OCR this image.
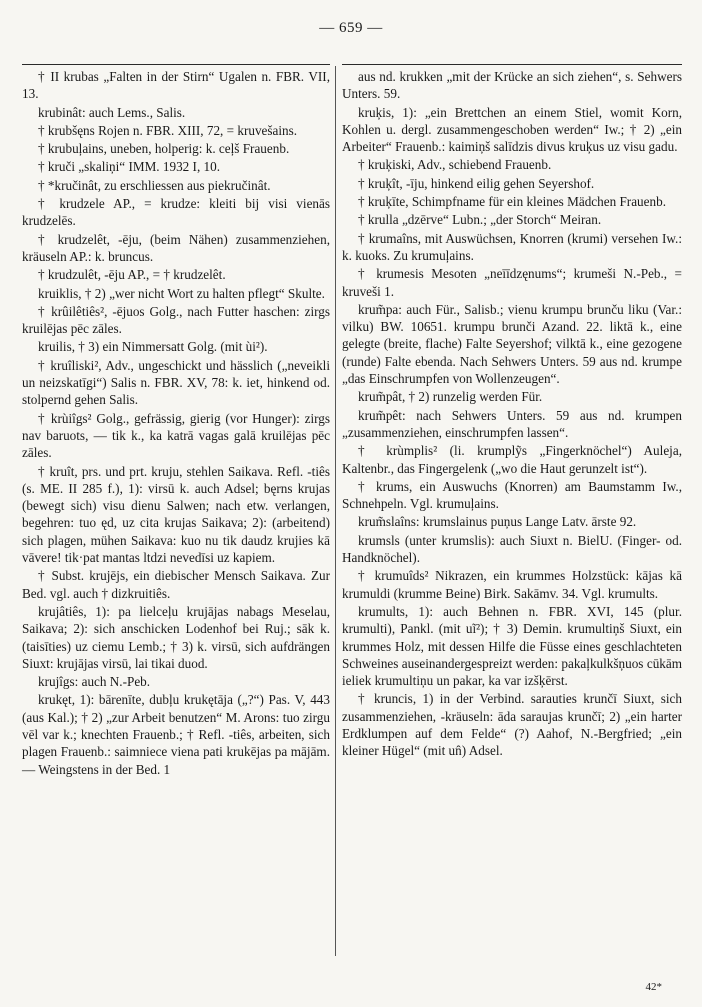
— 659 —

† II krubas „Falten in der Stirn“ Ugalen n. FBR. VII, 13.

krubinât: auch Lems., Salis.

† krubšęns Rojen n. FBR. XIII, 72, = kruvešains.

† krubuļains, uneben, holperig: k. ceļš Frauenb.

† kruči „skaliņi“ IMM. 1932 I, 10.

† *kručinât, zu erschliessen aus piekručinât.

† krudzele AP., = krudze: kleiti bij visi vienās krudzelēs.

† krudzelêt, -ēju, (beim Nähen) zusammenziehen, kräuseln AP.: k. bruncus.

† krudzulêt, -ēju AP., = † krudzelêt.

kruiklis, † 2) „wer nicht Wort zu halten pflegt“ Skulte.

† krûilêtiês², -ējuos Golg., nach Futter haschen: zirgs kruilējas pēc zāles.

kruilis, † 3) ein Nimmersatt Golg. (mit ùi²).

† kruîliski², Adv., ungeschickt und hässlich („neveikli un neizskatīgi“) Salis n. FBR. XV, 78: k. iet, hinkend od. stolpernd gehen Salis.

† krùiîgs² Golg., gefrässig, gierig (vor Hunger): zirgs nav baruots, — tik k., ka katrā vagas galā kruilējas pēc zāles.

† kruît, prs. und prt. kruju, stehlen Saikava. Refl. -tiês (s. ME. II 285 f.), 1): virsū k. auch Adsel; bęrns krujas (bewegt sich) visu dienu Salwen; nach etw. verlangen, begehren: tuo ęd, uz cita krujas Saikava; 2): (arbeitend) sich plagen, mühen Saikava: kuo nu tik daudz krujies kā vāvere! tik·pat mantas ltdzi nevedīsi uz kapiem.

† Subst. krujējs, ein diebischer Mensch Saikava. Zur Bed. vgl. auch † dizkruitiês.

krujâtiês, 1): pa lielceļu krujājas nabags Meselau, Saikava; 2): sich anschicken Lodenhof bei Ruj.; sāk k. (taisīties) uz ciemu Lemb.; † 3) k. virsū, sich aufdrängen Siuxt: krujājas virsū, lai tikai duod.

krujîgs: auch N.-Peb.

krukęt, 1): bārenīte, dubļu krukętāja („?“) Pas. V, 443 (aus Kal.); † 2) „zur Arbeit benutzen“ M. Arons: tuo zirgu vēl var k.; knechten Frauenb.; † Refl. -tiês, arbeiten, sich plagen Frauenb.: saimniece viena pati krukējas pa mājām. — Weingstens in der Bed. 1

aus nd. krukken „mit der Krücke an sich ziehen“, s. Sehwers Unters. 59.

kruķis, 1): „ein Brettchen an einem Stiel, womit Korn, Kohlen u. dergl. zusammengeschoben werden“ Iw.; † 2) „ein Arbeiter“ Frauenb.: kaimiņš salīdzis divus kruķus uz visu gadu.

† kruķiski, Adv., schiebend Frauenb.

† kruķît, -īju, hinkend eilig gehen Seyershof.

† kruķīte, Schimpfname für ein kleines Mädchen Frauenb.

† krulla „dzērve“ Lubn.; „der Storch“ Meiran.

† krumaîns, mit Auswüchsen, Knorren (krumi) versehen Iw.: k. kuoks. Zu krumuļains.

† krumesis Mesoten „neīīdzęnums“; krumeši N.-Peb., = kruveši 1.

krum̃pa: auch Für., Salisb.; vienu krumpu brunču liku (Var.: vilku) BW. 10651. krumpu brunči Azand. 22. liktā k., eine gelegte (breite, flache) Falte Seyershof; vilktā k., eine gezogene (runde) Falte ebenda. Nach Sehwers Unters. 59 aus nd. krumpe „das Einschrumpfen von Wollenzeugen“.

krum̃pât, † 2) runzelig werden Für.

krum̃pêt: nach Sehwers Unters. 59 aus nd. krumpen „zusammenziehen, einschrumpfen lassen“.

† krùmplis² (li. krumplỹs „Fingerknöchel“) Auleja, Kaltenbr., das Fingergelenk („wo die Haut gerunzelt ist“).

† krums, ein Auswuchs (Knorren) am Baumstamm Iw., Schnehpeln. Vgl. krumuļains.

krum̃slaîns: krumslainus puņus Lange Latv. ārste 92.

krumsls (unter krumslis): auch Siuxt n. BielU. (Finger- od. Handknöchel).

† krumuîds² Nikrazen, ein krummes Holzstück: kājas kā krumuldi (krumme Beine) Birk. Sakāmv. 34. Vgl. krumults.

krumults, 1): auch Behnen n. FBR. XVI, 145 (plur. krumulti), Pankl. (mit uĩ²); † 3) Demin. krumultiņš Siuxt, ein krummes Holz, mit dessen Hilfe die Füsse eines geschlachteten Schweines auseinandergespreizt werden: pakaļkulkšņuos cūkām ieliek krumultiņu un pakar, ka var izšķērst.

† kruncis, 1) in der Verbind. sarauties krunčī Siuxt, sich zusammenziehen, -kräuseln: āda saraujas krunčī; 2) „ein harter Erdklumpen auf dem Felde“ (?) Aahof, N.-Bergfried; „ein kleiner Hügel“ (mit un̂) Adsel.

42*
